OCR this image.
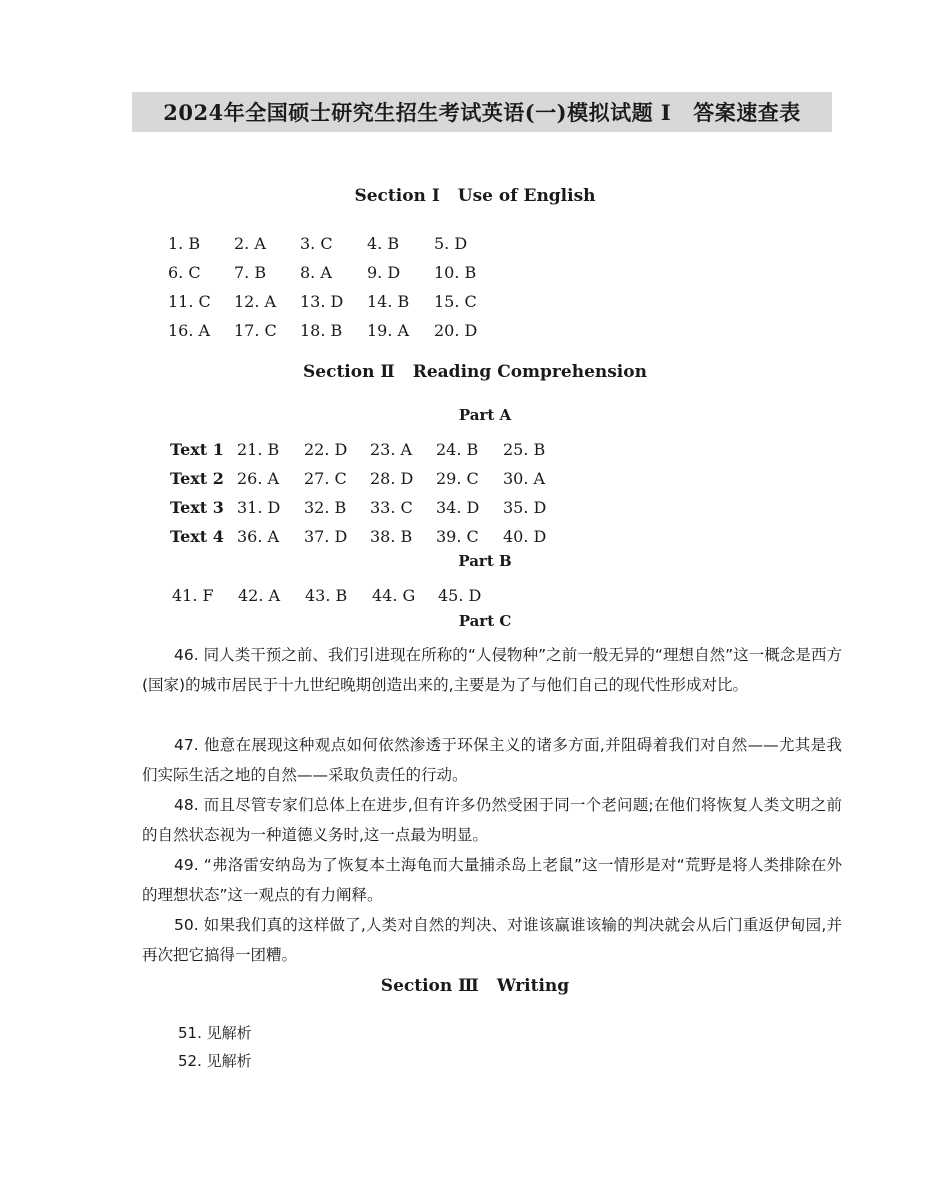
2024年全国硕士研究生招生考试英语(一)模拟试题 I 答案速查表
Section Ⅰ Use of English
1. B 2. A 3. C 4. B 5. D
6. C 7. B 8. A 9. D 10. B
11. C 12. A 13. D 14. B 15. C
16. A 17. C 18. B 19. A 20. D
Section Ⅱ Reading Comprehension
Part A
Text 1 21. B 22. D 23. A 24. B 25. B
Text 2 26. A 27. C 28. D 29. C 30. A
Text 3 31. D 32. B 33. C 34. D 35. D
Text 4 36. A 37. D 38. B 39. C 40. D
Part B
41. F 42. A 43. B 44. G 45. D
Part C
46. 同人类干预之前、我们引进现在所称的“人侵物种”之前一般无异的“理想自然”这一概念是西方(国家)的城市居民于十九世纪晚期创造出来的,主要是为了与他们自己的现代性形成对比。
47. 他意在展现这种观点如何依然渗透于环保主义的诸多方面,并阻碍着我们对自然——尤其是我们实际生活之地的自然——采取负责任的行动。
48. 而且尽管专家们总体上在进步,但有许多仍然受困于同一个老问题;在他们将恢复人类文明之前的自然状态视为一种道德义务时,这一点最为明显。
49. “弗洛雷安纳岛为了恢复本土海龟而大量捕杀岛上老鼠”这一情形是对“荒野是将人类排除在外的理想状态”这一观点的有力阐释。
50. 如果我们真的这样做了,人类对自然的判决、对谁该赢谁该输的判决就会从后门重返伊甸园,并再次把它搞得一团糟。
Section Ⅲ Writing
51. 见解析
52. 见解析
